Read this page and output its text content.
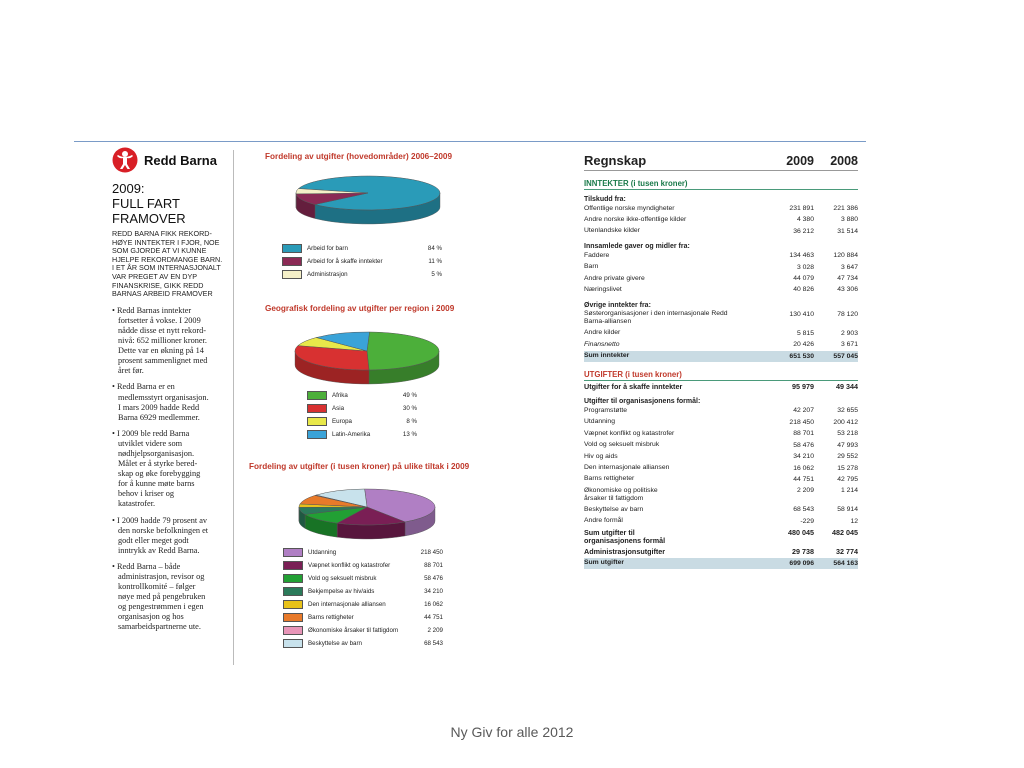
Redd Barna
2009:
FULL FART
FRAMOVER
REDD BARNA FIKK REKORD-
HØYE INNTEKTER I FJOR, NOE
SOM GJORDE AT VI KUNNE
HJELPE REKORDMANGE BARN.
I ET ÅR SOM INTERNASJONALT
VAR PREGET AV EN DYP
FINANSKRISE, GIKK REDD
BARNAS ARBEID FRAMOVER
• Redd Barnas inntekter
fortsetter å vokse. I 2009
nådde disse et nytt rekord-
nivå: 652 millioner kroner.
Dette var en økning på 14
prosent sammenlignet med
året før.
• Redd Barna er en
medlemsstyrt organisasjon.
I mars 2009 hadde Redd
Barna 6929 medlemmer.
• I 2009 ble redd Barna
utviklet videre som
nødhjelpsorganisasjon.
Målet er å styrke bered-
skap og øke forebygging
for å kunne møte barns
behov i kriser og
katastrofer.
• I 2009 hadde 79 prosent av
den norske befolkningen et
godt eller meget godt
inntrykk av Redd Barna.
• Redd Barna – både
administrasjon, revisor og
kontrollkomité – følger
nøye med på pengebruken
og pengestrømmen i egen
organisasjon og hos
samarbeidspartnerne ute.
Fordeling av utgifter (hovedområder) 2006–2009
Arbeid for barn	84 %
Arbeid for å skaffe inntekter	11 %
Administrasjon	5 %
Geografisk fordeling av utgifter per region i 2009
Afrika	49 %
Asia	30 %
Europa	8 %
Latin-Amerika	13 %
Fordeling av utgifter (i tusen kroner) på ulike tiltak i 2009
Utdanning	218 450
Væpnet konflikt og katastrofer	88 701
Vold og seksuelt misbruk	58 476
Bekjempelse av hiv/aids	34 210
Den internasjonale alliansen	16 062
Barns rettigheter	44 751
Økonomiske årsaker til fattigdom	2 209
Beskyttelse av barn	68 543
Regnskap	2009	2008
INNTEKTER (i tusen kroner)
Tilskudd fra:
Offentlige norske myndigheter	231 891	221 386
Andre norske ikke-offentlige kilder	4 380	3 880
Utenlandske kilder	36 212	31 514
Innsamlede gaver og midler fra:
Faddere	134 463	120 884
Barn	3 028	3 647
Andre private givere	44 079	47 734
Næringslivet	40 826	43 306
Øvrige inntekter fra:
Søsterorganisasjoner i den internasjonale Redd
Barna-alliansen
130 410	78 120
Andre kilder	5 815	2 903
Finansnetto	20 426	3 671
Sum inntekter	651 530	557 045
UTGIFTER (i tusen kroner)
Utgifter for å skaffe inntekter	95 979	49 344
Utgifter til organisasjonens formål:
Programstøtte	42 207	32 655
Utdanning	218 450	200 412
Væpnet konflikt og katastrofer	88 701	53 218
Vold og seksuelt misbruk	58 476	47 993
Hiv og aids	34 210	29 552
Den internasjonale alliansen	16 062	15 278
Barns rettigheter	44 751	42 795
Økonomiske og politiske
årsaker til fattigdom
2 209	1 214
Beskyttelse av barn	68 543	58 914
Andre formål	-229	12
Sum utgifter til
organisasjonens formål
480 045	482 045
Administrasjonsutgifter	29 738	32 774
Sum utgifter	699 096	564 163
Ny Giv for alle 2012
